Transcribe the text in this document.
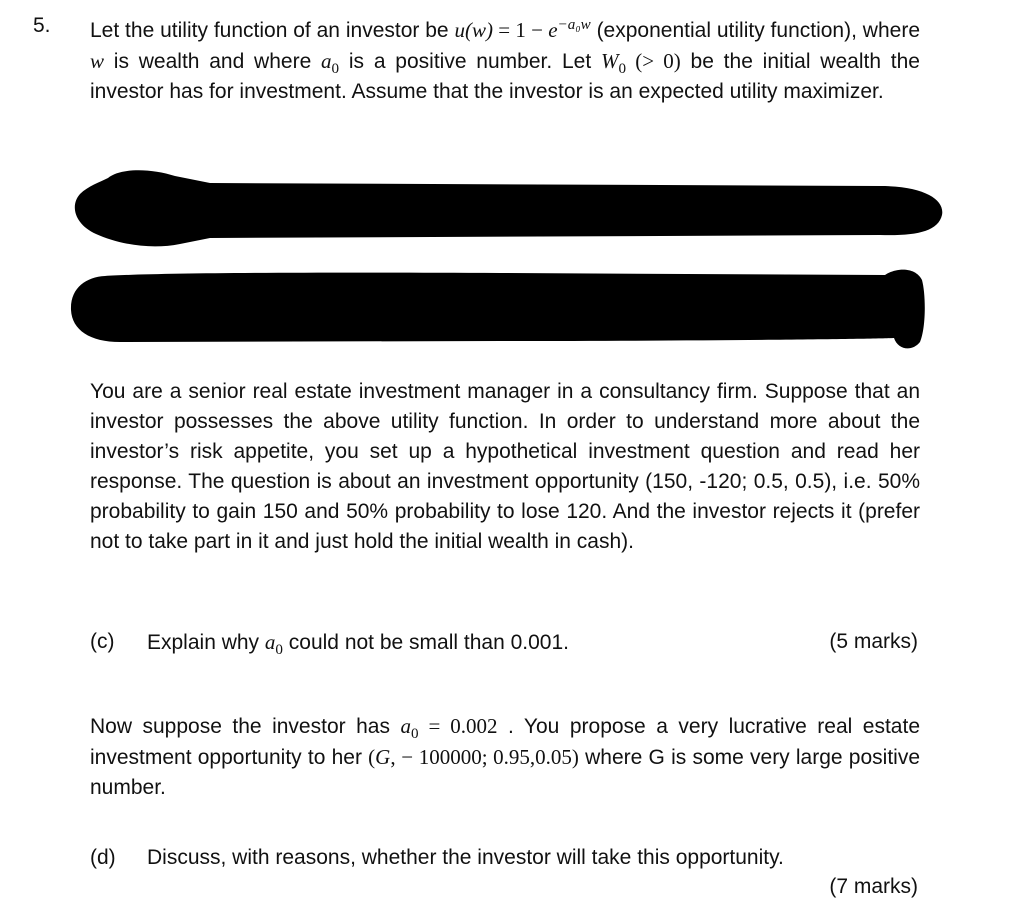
5. Let the utility function of an investor be $u(w) = 1 - e^{-a_0w}$ (exponential utility function), where w is wealth and where $a_0$ is a positive number. Let $W_0$ (> 0) be the initial wealth the investor has for investment. Assume that the investor is an expected utility maximizer.
You are a senior real estate investment manager in a consultancy firm. Suppose that an investor possesses the above utility function. In order to understand more about the investor’s risk appetite, you set up a hypothetical investment question and read her response. The question is about an investment opportunity (150, -120; 0.5, 0.5), i.e. 50% probability to gain 150 and 50% probability to lose 120. And the investor rejects it (prefer not to take part in it and just hold the initial wealth in cash).
(c) Explain why $a_0$ could not be small than 0.001.	(5 marks)
Now suppose the investor has $a_0 = 0.002$ . You propose a very lucrative real estate investment opportunity to her (G, − 100000; 0.95,0.05) where G is some very large positive number.
(d) Discuss, with reasons, whether the investor will take this opportunity.
(7 marks)
